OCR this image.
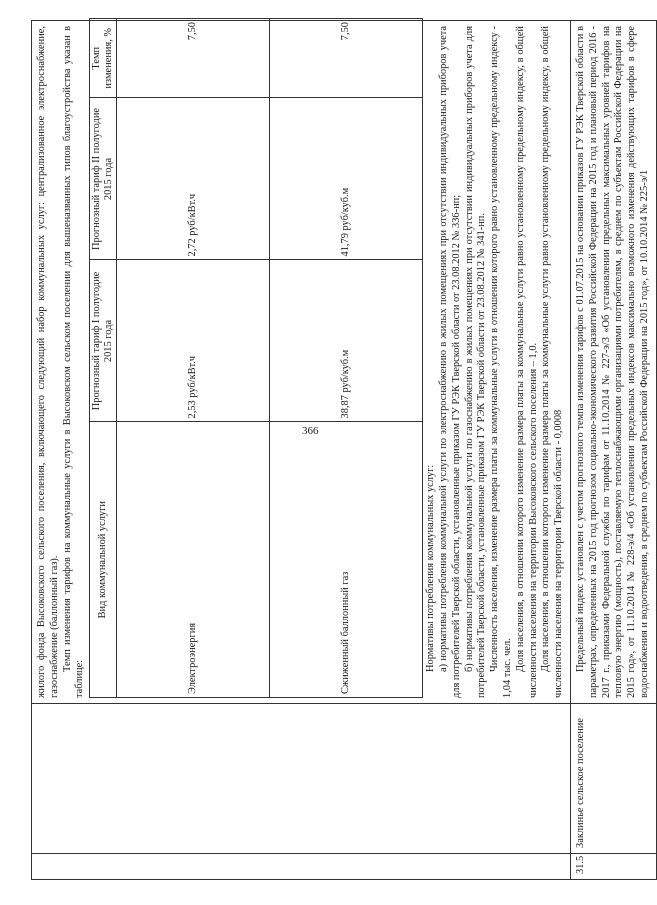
366

жилого фонда Высоковского сельского поселения, включающего следующий набор коммунальных услуг: централизованное электроснабжение, газоснабжение (баллонный газ). Темп изменения тарифов на коммунальные услуги в Высоковском сельском поселении для вышеназванных типов благоустройства указан в таблице:

Вид коммунальной услуги	Прогнозный тариф I полугодие 2015 года	Прогнозный тариф II полугодие 2015 года	Темп изменения, %
Электроэнергия	2,53 руб/кВт.ч	2,72 руб/кВт.ч	7,50
Сжиженный баллонный газ	38,87 руб/куб.м	41,79 руб/куб.м	7,50

Нормативы потребления коммунальных услуг: а) нормативы потребления коммунальной услуги по электроснабжению в жилых помещениях при отсутствии индивидуальных приборов учета для потребителей Тверской области, установленные приказом ГУ РЭК Тверской области от 23.08.2012 № 336-нп; б) нормативы потребления коммунальной услуги по газоснабжению в жилых помещениях при отсутствии индивидуальных приборов учета для потребителей Тверской области, установленные приказом ГУ РЭК Тверской области от 23.08.2012 № 341-нп. Численность населения, изменение размера платы за коммунальные услуги в отношении которого равно установленному предельному индексу - 1,04 тыс. чел. Доля населения, в отношении которого изменение размера платы за коммунальные услуги равно установленному предельному индексу, в общей численности населения на территории Высоковского сельского поселения – 1,0. Доля населения, в отношении которого изменение размера платы за коммунальные услуги равно установленному предельному индексу, в общей численности населения на территории Тверской области - 0,0008

31.5	Заклинье сельское поселение	

Предельный индекс установлен с учетом прогнозного темпа изменения тарифов с 01.07.2015 на основании приказов ГУ РЭК Тверской области в параметрах, определенных на 2015 год прогнозом социально-экономического развития Российской Федерации на 2015 год и плановый период 2016 - 2017 г., приказами Федеральной службы по тарифам от 11.10.2014 № 227-э/3 «Об установлении предельных максимальных уровней тарифов на тепловую энергию (мощность), поставляемую теплоснабжающими организациями потребителям, в среднем по субъектам Российской Федерации на 2015 год», от 11.10.2014 № 228-э/4 «Об установлении предельных индексов максимально возможного изменения действующих тарифов в сфере водоснабжения и водоотведения, в среднем по субъектам Российской Федерации на 2015 год», от 10.10.2014 № 225-э/1
